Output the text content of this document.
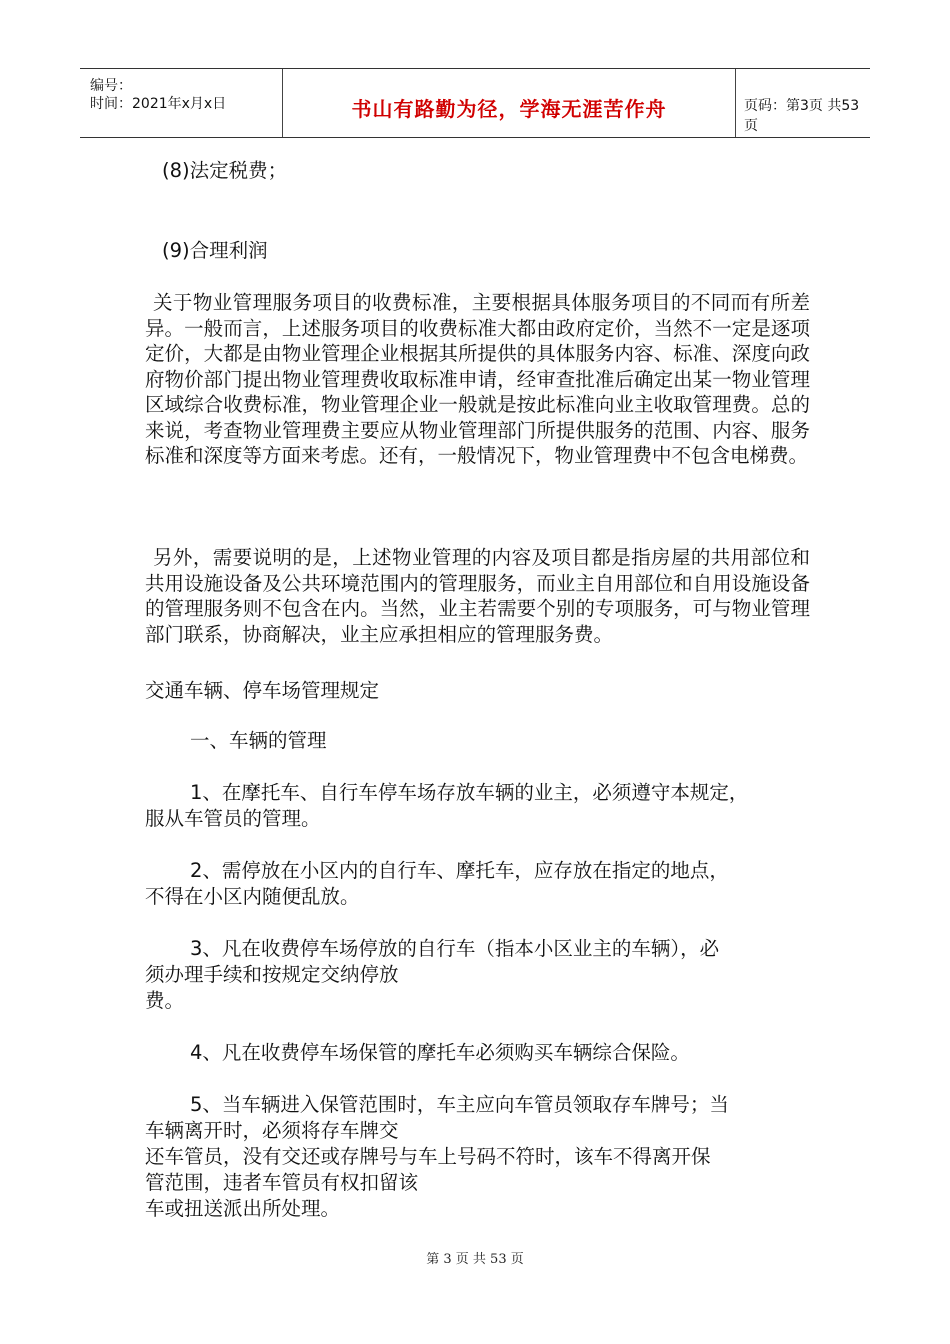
编号：
时间：2021年x月x日	书山有路勤为径，学海无涯苦作舟	页码：第3页 共53页
(8)法定税费；
(9)合理利润
关于物业管理服务项目的收费标准，主要根据具体服务项目的不同而有所差异。一般而言，上述服务项目的收费标准大都由政府定价，当然不一定是逐项定价，大都是由物业管理企业根据其所提供的具体服务内容、标准、深度向政府物价部门提出物业管理费收取标准申请，经审查批准后确定出某一物业管理区域综合收费标准，物业管理企业一般就是按此标准向业主收取管理费。总的来说，考查物业管理费主要应从物业管理部门所提供服务的范围、内容、服务标准和深度等方面来考虑。还有，一般情况下，物业管理费中不包含电梯费。
另外，需要说明的是，上述物业管理的内容及项目都是指房屋的共用部位和共用设施设备及公共环境范围内的管理服务，而业主自用部位和自用设施设备的管理服务则不包含在内。当然，业主若需要个别的专项服务，可与物业管理部门联系，协商解决，业主应承担相应的管理服务费。
交通车辆、停车场管理规定
一、车辆的管理
1、在摩托车、自行车停车场存放车辆的业主，必须遵守本规定，
服从车管员的管理。
2、需停放在小区内的自行车、摩托车，应存放在指定的地点，
不得在小区内随便乱放。
3、凡在收费停车场停放的自行车（指本小区业主的车辆），必
须办理手续和按规定交纳停放
费。
4、凡在收费停车场保管的摩托车必须购买车辆综合保险。
5、当车辆进入保管范围时，车主应向车管员领取存车牌号；当
车辆离开时，必须将存车牌交
还车管员，没有交还或存牌号与车上号码不符时，该车不得离开保
管范围，违者车管员有权扣留该
车或扭送派出所处理。
第 3 页 共 53 页
